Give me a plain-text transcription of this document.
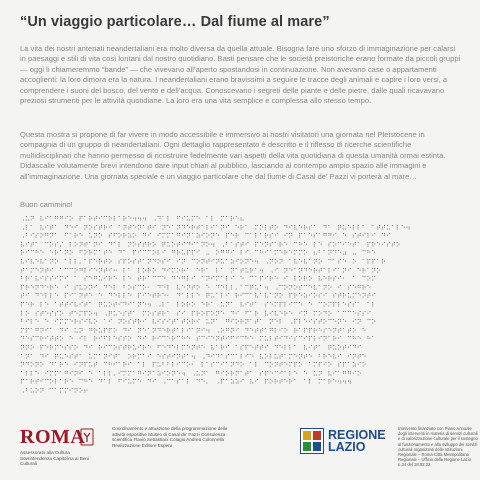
“Un viaggio particolare… Dal fiume al mare”
La vita dei nostri antenati neandertaliani era molto diversa da quella attuale. Bisogna fare uno sforzo di immaginazione per calarsi in paesaggi e stili di vita così lontani dal nostro quotidiano. Basti pensare che le società preistoriche erano formate da piccoli gruppi — oggi li chiameremmo “bande” — che vivevano all’aperto spostandosi in continuazione. Non avevano case o appartamenti accoglienti: la loro dimora era la natura. I neandertaliani erano bravissimi a seguire le tracce degli animali e capire i loro versi, a comprendere i suoni del bosco, del vento e dell’acqua. Conoscevano i segreti delle piante e delle pietre, dalle quali ricavavano preziosi strumenti per le attività quotidiane. La loro era una vita semplice e complessa allo stesso tempo.
Questa mostra si propone di far vivere in modo accessibile e immersivo ai nostri visitatori una giornata nel Pleistocene in compagnia di un gruppo di neandertaliani. Ogni dettaglio rappresentato è descritto e il riflesso di ricerche scientifiche multidisciplinari che hanno permesso di ricostruire fedelmente vari aspetti della vita quotidiana di questa umanità ormai estinta. Didascalie volutamente brevi intendono dare input chiari al pubblico, lasciando al contempo ampio spazio alle immagini e all’immaginazione. Una giornata speciale e un viaggio particolare che dal fiume di Casal de’ Pazzi vi porterà al mare…
Buon cammino!
⠠⠥⠝⠀⠧⠊⠁⠛⠛⠊⠕⠀⠏⠁⠗⠞⠊⠉⠕⠇⠁⠗⠑⠲⠲⠲⠀⠠⠙⠁⠇⠀⠋⠊⠥⠍⠑⠀⠁⠇⠀⠍⠁⠗⠑⠦
⠠⠇⠁⠀⠧⠊⠞⠁⠀⠙⠑⠊⠀⠝⠕⠎⠞⠗⠊⠀⠁⠝⠞⠑⠝⠁⠞⠊⠀⠝⠑⠁⠝⠙⠑⠗⠞⠁⠇⠊⠁⠝⠊⠀⠑⠗⠁⠀⠍⠕⠇⠞⠕⠀⠙⠊⠧⠑⠗⠎⠁⠀⠙⠁⠀⠟⠥⠑⠇⠇⠁⠀⠁⠞⠞⠥⠁⠇⠑⠲
⠠⠃⠊⠎⠕⠛⠝⠁⠀⠋⠁⠗⠑⠀⠥⠝⠕⠀⠎⠋⠕⠗⠵⠕⠀⠙⠊⠀⠊⠍⠍⠁⠛⠊⠝⠁⠵⠊⠕⠝⠑⠀⠏⠑⠗⠀⠉⠁⠇⠁⠗⠎⠊⠀⠊⠝⠀⠏⠁⠑⠎⠁⠛⠛⠊⠀⠑⠀⠎⠞⠊⠇⠊⠀⠙⠊
⠧⠊⠞⠁⠀⠉⠕⠎⠌⠀⠇⠕⠝⠞⠁⠝⠊⠀⠙⠁⠇⠀⠝⠕⠎⠞⠗⠕⠀⠟⠥⠕⠞⠊⠙⠊⠁⠝⠕⠲⠀⠠⠃⠁⠎⠞⠊⠀⠏⠑⠝⠎⠁⠗⠑⠀⠉⠓⠑⠀⠇⠑⠀⠎⠕⠉⠊⠑⠞⠁⠀⠏⠗⠑⠊⠎⠞⠕
⠗⠊⠉⠓⠑⠀⠑⠗⠁⠝⠕⠀⠋⠕⠗⠍⠁⠞⠑⠀⠙⠁⠀⠏⠊⠉⠉⠕⠇⠊⠀⠛⠗⠥⠏⠏⠊⠀⠤⠀⠕⠛⠛⠊⠀⠇⠊⠀⠉⠓⠊⠁⠍⠑⠗⠑⠍⠍⠕⠀⠦⠃⠁⠝⠙⠑⠴⠀⠤⠀⠉⠓⠑
⠧⠊⠧⠑⠧⠁⠝⠕⠀⠁⠇⠇⠄⠁⠏⠑⠗⠞⠕⠀⠎⠏⠕⠎⠞⠁⠝⠙⠕⠎⠊⠀⠊⠝⠀⠉⠕⠝⠞⠊⠝⠥⠁⠵⠊⠕⠝⠑⠲⠀⠠⠝⠕⠝⠀⠁⠧⠑⠧⠁⠝⠕⠀⠉⠁⠎⠑⠀⠕⠀⠁⠏⠏⠁⠗
⠞⠁⠍⠑⠝⠞⠊⠀⠁⠉⠉⠕⠛⠇⠊⠑⠝⠞⠊⠒⠀⠇⠁⠀⠇⠕⠗⠕⠀⠙⠊⠍⠕⠗⠁⠀⠑⠗⠁⠀⠇⠁⠀⠝⠁⠞⠥⠗⠁⠲⠀⠠⠊⠀⠝⠑⠁⠝⠙⠑⠗⠞⠁⠇⠊⠁⠝⠊⠀⠑⠗⠁⠝⠕
⠃⠗⠁⠧⠊⠎⠎⠊⠍⠊⠀⠁⠀⠎⠑⠛⠥⠊⠗⠑⠀⠇⠑⠀⠞⠗⠁⠉⠉⠑⠀⠙⠑⠛⠇⠊⠀⠁⠝⠊⠍⠁⠇⠊⠀⠑⠀⠉⠁⠏⠊⠗⠑⠀⠊⠀⠇⠕⠗⠕⠀⠧⠑⠗⠎⠊⠂⠀⠁⠀⠉⠕⠍
⠏⠗⠑⠝⠙⠑⠗⠑⠀⠊⠀⠎⠥⠕⠝⠊⠀⠙⠑⠇⠀⠃⠕⠎⠉⠕⠂⠀⠙⠑⠇⠀⠧⠑⠝⠞⠕⠀⠑⠀⠙⠑⠇⠇⠄⠁⠉⠟⠥⠁⠲⠀⠠⠉⠕⠝⠕⠎⠉⠑⠧⠁⠝⠕⠀⠊⠀⠎⠑⠛⠗⠑
⠞⠊⠀⠙⠑⠇⠇⠑⠀⠏⠊⠁⠝⠞⠑⠀⠑⠀⠙⠑⠇⠇⠑⠀⠏⠊⠑⠞⠗⠑⠂⠀⠙⠁⠇⠇⠑⠀⠟⠥⠁⠇⠊⠀⠗⠊⠉⠁⠧⠁⠧⠁⠝⠕⠀⠏⠗⠑⠵⠊⠕⠎⠊⠀⠎⠞⠗⠥⠍⠑⠝⠞⠊
⠏⠑⠗⠀⠇⠑⠀⠁⠞⠞⠊⠧⠊⠞⠁⠀⠟⠥⠕⠞⠊⠙⠊⠁⠝⠑⠲⠀⠠⠇⠁⠀⠇⠕⠗⠕⠀⠑⠗⠁⠀⠥⠝⠁⠀⠧⠊⠞⠁⠀⠎⠑⠍⠏⠇⠊⠉⠑⠀⠑⠀⠉⠕⠍⠏⠇⠑⠎⠎⠁⠀⠁⠇
⠇⠕⠀⠎⠞⠑⠎⠎⠕⠀⠞⠑⠍⠏⠕⠲⠀⠠⠟⠥⠑⠎⠞⠁⠀⠍⠕⠎⠞⠗⠁⠀⠎⠊⠀⠏⠗⠕⠏⠕⠝⠑⠀⠙⠊⠀⠋⠁⠗⠀⠧⠊⠧⠑⠗⠑⠀⠊⠝⠀⠍⠕⠙⠕⠀⠁⠉⠉⠑⠎⠎⠊
⠃⠊⠇⠑⠀⠑⠀⠊⠍⠍⠑⠗⠎⠊⠧⠕⠀⠁⠊⠀⠝⠕⠎⠞⠗⠊⠀⠧⠊⠎⠊⠞⠁⠞⠕⠗⠊⠀⠥⠝⠁⠀⠛⠊⠕⠗⠝⠁⠞⠁⠀⠝⠑⠇⠀⠠⠏⠇⠑⠊⠎⠞⠕⠉⠑⠝⠑⠀⠊⠝⠀⠉⠕
⠍⠏⠁⠛⠝⠊⠁⠀⠙⠊⠀⠥⠝⠀⠛⠗⠥⠏⠏⠕⠀⠙⠊⠀⠝⠑⠁⠝⠙⠑⠗⠞⠁⠇⠊⠁⠝⠊⠲⠀⠠⠕⠛⠝⠊⠀⠙⠑⠞⠞⠁⠛⠇⠊⠕⠀⠗⠁⠏⠏⠗⠑⠎⠑⠝⠞⠁⠞⠕⠀⠑
⠙⠑⠎⠉⠗⠊⠞⠞⠕⠀⠑⠀⠊⠇⠀⠗⠊⠋⠇⠑⠎⠎⠕⠀⠙⠊⠀⠗⠊⠉⠑⠗⠉⠓⠑⠀⠎⠉⠊⠑⠝⠞⠊⠋⠊⠉⠓⠑⠀⠍⠥⠇⠞⠊⠙⠊⠎⠉⠊⠏⠇⠊⠝⠁⠗⠊⠀⠉⠓⠑⠀⠓⠁
⠝⠝⠕⠀⠏⠑⠗⠍⠑⠎⠎⠕⠀⠙⠊⠀⠗⠊⠉⠕⠎⠞⠗⠥⠊⠗⠑⠀⠋⠑⠙⠑⠇⠍⠑⠝⠞⠑⠀⠧⠁⠗⠊⠀⠁⠎⠏⠑⠞⠞⠊⠀⠙⠑⠇⠇⠁⠀⠧⠊⠞⠁⠀⠟⠥⠕⠞⠊⠙⠊
⠁⠝⠁⠀⠙⠊⠀⠟⠥⠑⠎⠞⠁⠀⠥⠍⠁⠝⠊⠞⠁⠀⠕⠗⠍⠁⠊⠀⠑⠎⠞⠊⠝⠞⠁⠲⠀⠠⠙⠊⠙⠁⠎⠉⠁⠇⠊⠑⠀⠧⠕⠇⠥⠞⠁⠍⠑⠝⠞⠑⠀⠃⠗⠑⠧⠊⠀⠊⠝⠞⠑
⠝⠙⠕⠝⠕⠀⠙⠁⠗⠑⠀⠊⠝⠏⠥⠞⠀⠉⠓⠊⠁⠗⠊⠀⠁⠇⠀⠏⠥⠃⠃⠇⠊⠉⠕⠂⠀⠇⠁⠎⠉⠊⠁⠝⠙⠕⠀⠁⠇⠀⠉⠕⠝⠞⠑⠍⠏⠕⠀⠁⠍⠏⠊⠕⠀⠎⠏⠁⠵⠊⠕
⠁⠇⠇⠑⠀⠊⠍⠍⠁⠛⠊⠝⠊⠀⠑⠀⠁⠇⠇⠄⠊⠍⠍⠁⠛⠊⠝⠁⠵⠊⠕⠝⠑⠲⠀⠠⠥⠝⠁⠀⠛⠊⠕⠗⠝⠁⠞⠁⠀⠎⠏⠑⠉⠊⠁⠇⠑⠀⠑⠀⠥⠝⠀⠧⠊⠁⠛⠛⠊⠕
⠏⠁⠗⠞⠊⠉⠕⠇⠁⠗⠑⠀⠉⠓⠑⠀⠙⠁⠇⠀⠋⠊⠥⠍⠑⠀⠙⠊⠀⠠⠉⠁⠎⠁⠇⠀⠙⠑⠄⠀⠠⠏⠁⠵⠵⠊⠀⠧⠊⠀⠏⠕⠗⠞⠑⠗⠁⠀⠁⠇⠀⠍⠁⠗⠑⠲⠲⠲
⠠⠃⠥⠕⠝⠀⠉⠁⠍⠍⠊⠝⠕⠖⠀⠀⠀⠀⠀⠀⠀⠀⠀⠀⠀⠀⠀⠀⠀⠀⠀⠀⠀⠀⠀⠀⠀⠀⠀⠀⠀⠀⠀⠀⠀⠀⠀⠀⠀⠀⠀⠀⠀⠀⠀⠀⠀⠀
ROMA
Assessorato alla Cultura Sovrintendenza Capitolina ai Beni Culturali
Coordinamento e attuazione della programmazione delle attività espositive Museo di Casal de’ Pazzi Consulenza scientifica Flavio Sebastiani Colagio Andrea Colonnella Realizzazione Editore Espera
REGIONE LAZIO
Intervento finanziato con Piano Annuale degli interventi in materia di servizi culturali e di valorizzazione culturale per il sostegno al funzionamento e allo sviluppo dei servizi culturali organizzati delle Istituzioni Regionale – Roma Città Metropolitana Regionale – Ufficio della Regione Lazio n.34 del 18.02.22
